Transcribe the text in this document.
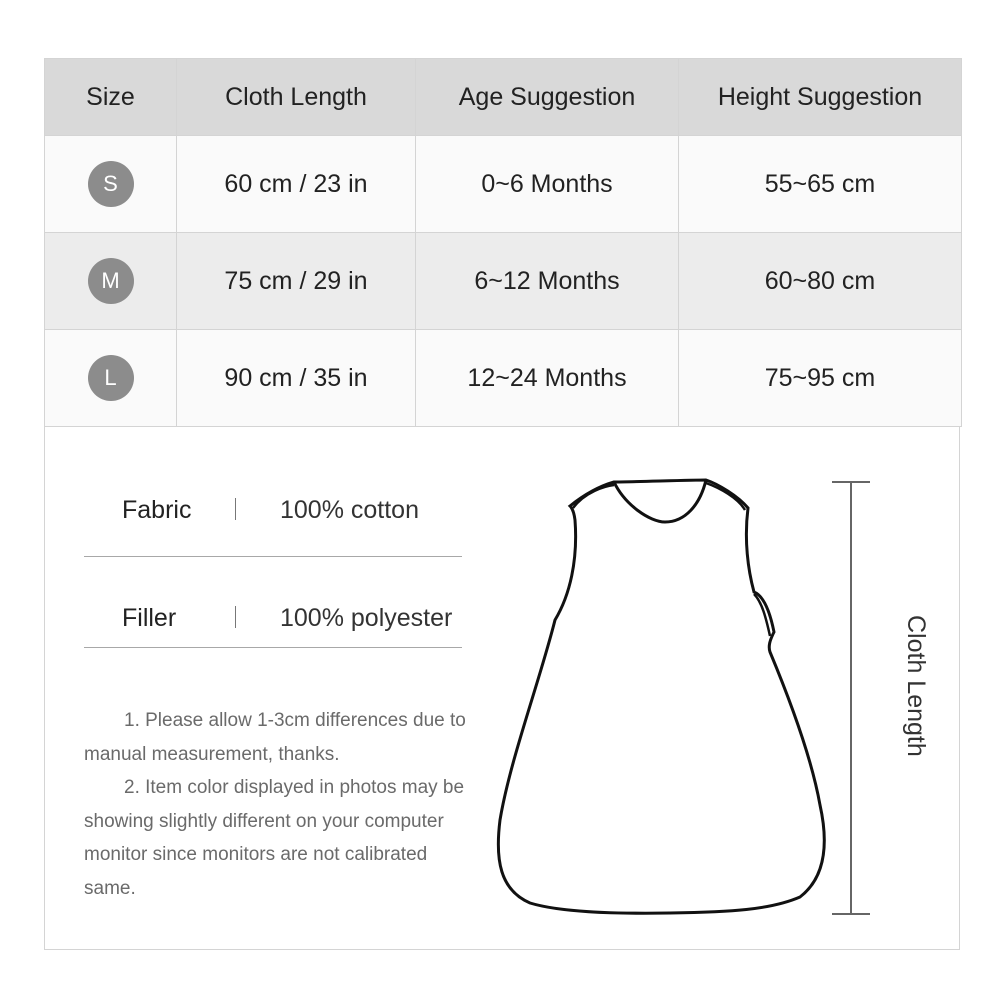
Size	Cloth Length	Age Suggestion	Height Suggestion
S	60 cm / 23 in	0~6 Months	55~65 cm
M	75 cm / 29 in	6~12 Months	60~80 cm
L	90 cm / 35 in	12~24 Months	75~95 cm
Fabric	100% cotton
Filler	100% polyester

1. Please allow 1-3cm differences due to manual measurement, thanks.

2. Item color displayed in photos may be showing slightly different on your computer monitor since monitors are not calibrated same.

Cloth Length
